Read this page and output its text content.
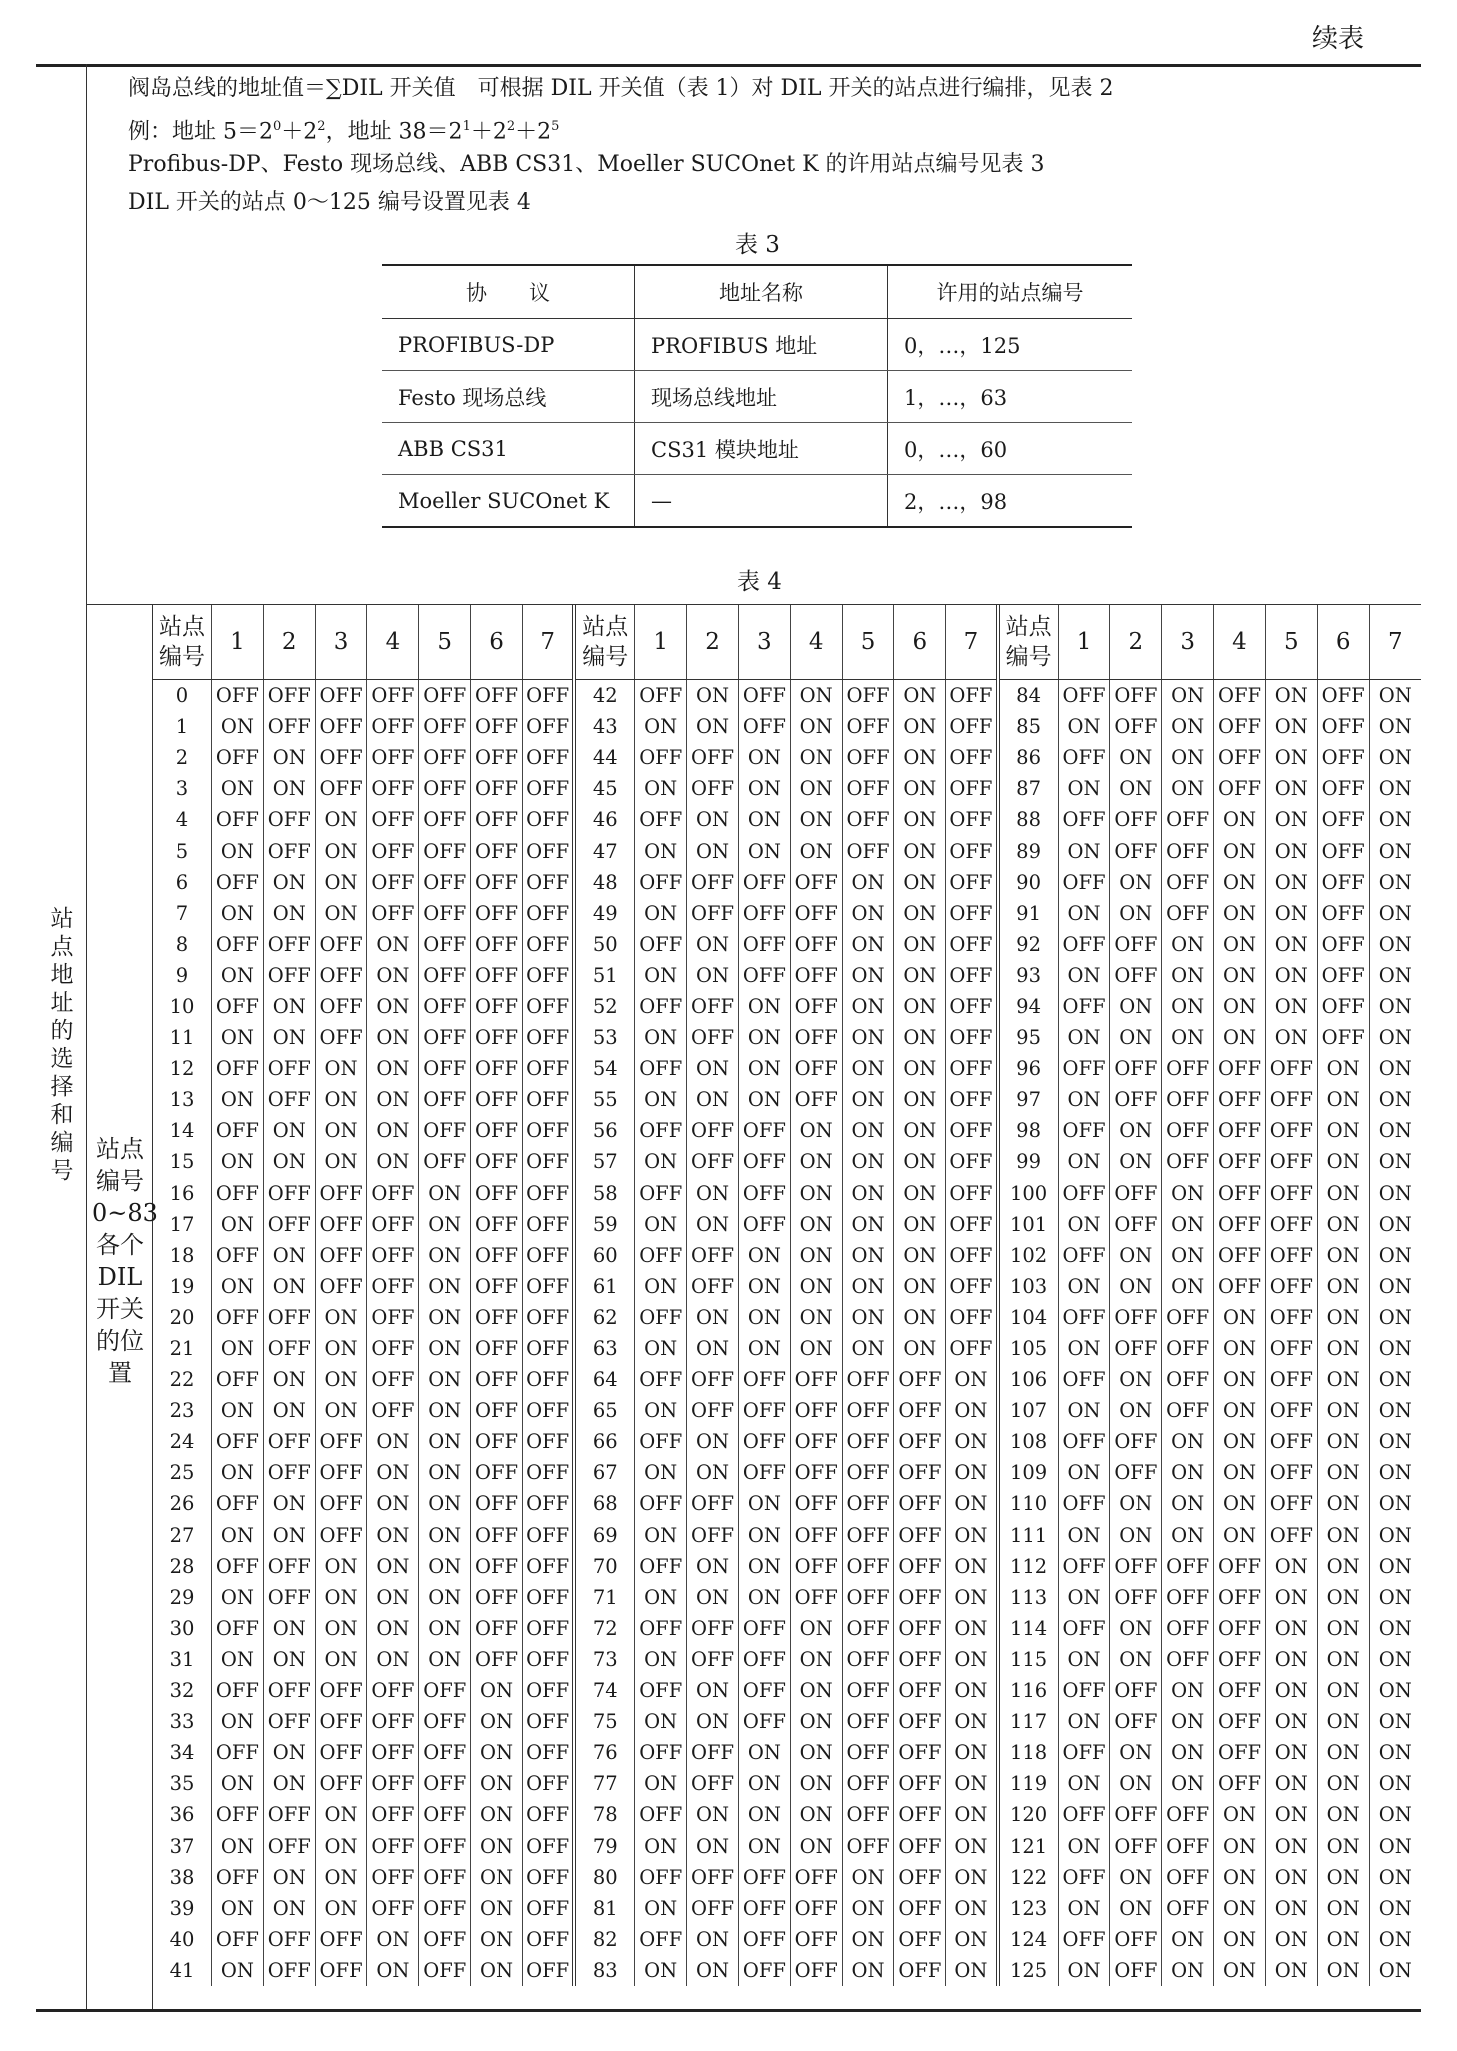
续表
站点地址的选择和编号
站点编号0~83各个DIL开关的位置

阀岛总线的地址值＝∑DIL 开关值　可根据 DIL 开关值（表 1）对 DIL 开关的站点进行编排，见表 2

例：地址 $5=2^0+2^2$，地址 $38=2^1+2^2+2^5$

Profibus-DP、Festo 现场总线、ABB CS31、Moeller SUCOnet K 的许用站点编号见表 3

DIL 开关的站点 0～125 编号设置见表 4

表 3
协　　议	地址名称	许用的站点编号
PROFIBUS-DP	PROFIBUS 地址	0，…，125
Festo 现场总线	现场总线地址	1，…，63
ABB CS31	CS31 模块地址	0，…，60
Moeller SUCOnet K	—	2，…，98
表 4
站点编号	1	2	3	4	5	6	7	站点编号	1	2	3	4	5	6	7	站点编号	1	2	3	4	5	6	7
0	OFF	OFF	OFF	OFF	OFF	OFF	OFF	42	OFF	ON	OFF	ON	OFF	ON	OFF	84	OFF	OFF	ON	OFF	ON	OFF	ON
1	ON	OFF	OFF	OFF	OFF	OFF	OFF	43	ON	ON	OFF	ON	OFF	ON	OFF	85	ON	OFF	ON	OFF	ON	OFF	ON
2	OFF	ON	OFF	OFF	OFF	OFF	OFF	44	OFF	OFF	ON	ON	OFF	ON	OFF	86	OFF	ON	ON	OFF	ON	OFF	ON
3	ON	ON	OFF	OFF	OFF	OFF	OFF	45	ON	OFF	ON	ON	OFF	ON	OFF	87	ON	ON	ON	OFF	ON	OFF	ON
4	OFF	OFF	ON	OFF	OFF	OFF	OFF	46	OFF	ON	ON	ON	OFF	ON	OFF	88	OFF	OFF	OFF	ON	ON	OFF	ON
5	ON	OFF	ON	OFF	OFF	OFF	OFF	47	ON	ON	ON	ON	OFF	ON	OFF	89	ON	OFF	OFF	ON	ON	OFF	ON
6	OFF	ON	ON	OFF	OFF	OFF	OFF	48	OFF	OFF	OFF	OFF	ON	ON	OFF	90	OFF	ON	OFF	ON	ON	OFF	ON
7	ON	ON	ON	OFF	OFF	OFF	OFF	49	ON	OFF	OFF	OFF	ON	ON	OFF	91	ON	ON	OFF	ON	ON	OFF	ON
8	OFF	OFF	OFF	ON	OFF	OFF	OFF	50	OFF	ON	OFF	OFF	ON	ON	OFF	92	OFF	OFF	ON	ON	ON	OFF	ON
9	ON	OFF	OFF	ON	OFF	OFF	OFF	51	ON	ON	OFF	OFF	ON	ON	OFF	93	ON	OFF	ON	ON	ON	OFF	ON
10	OFF	ON	OFF	ON	OFF	OFF	OFF	52	OFF	OFF	ON	OFF	ON	ON	OFF	94	OFF	ON	ON	ON	ON	OFF	ON
11	ON	ON	OFF	ON	OFF	OFF	OFF	53	ON	OFF	ON	OFF	ON	ON	OFF	95	ON	ON	ON	ON	ON	OFF	ON
12	OFF	OFF	ON	ON	OFF	OFF	OFF	54	OFF	ON	ON	OFF	ON	ON	OFF	96	OFF	OFF	OFF	OFF	OFF	ON	ON
13	ON	OFF	ON	ON	OFF	OFF	OFF	55	ON	ON	ON	OFF	ON	ON	OFF	97	ON	OFF	OFF	OFF	OFF	ON	ON
14	OFF	ON	ON	ON	OFF	OFF	OFF	56	OFF	OFF	OFF	ON	ON	ON	OFF	98	OFF	ON	OFF	OFF	OFF	ON	ON
15	ON	ON	ON	ON	OFF	OFF	OFF	57	ON	OFF	OFF	ON	ON	ON	OFF	99	ON	ON	OFF	OFF	OFF	ON	ON
16	OFF	OFF	OFF	OFF	ON	OFF	OFF	58	OFF	ON	OFF	ON	ON	ON	OFF	100	OFF	OFF	ON	OFF	OFF	ON	ON
17	ON	OFF	OFF	OFF	ON	OFF	OFF	59	ON	ON	OFF	ON	ON	ON	OFF	101	ON	OFF	ON	OFF	OFF	ON	ON
18	OFF	ON	OFF	OFF	ON	OFF	OFF	60	OFF	OFF	ON	ON	ON	ON	OFF	102	OFF	ON	ON	OFF	OFF	ON	ON
19	ON	ON	OFF	OFF	ON	OFF	OFF	61	ON	OFF	ON	ON	ON	ON	OFF	103	ON	ON	ON	OFF	OFF	ON	ON
20	OFF	OFF	ON	OFF	ON	OFF	OFF	62	OFF	ON	ON	ON	ON	ON	OFF	104	OFF	OFF	OFF	ON	OFF	ON	ON
21	ON	OFF	ON	OFF	ON	OFF	OFF	63	ON	ON	ON	ON	ON	ON	OFF	105	ON	OFF	OFF	ON	OFF	ON	ON
22	OFF	ON	ON	OFF	ON	OFF	OFF	64	OFF	OFF	OFF	OFF	OFF	OFF	ON	106	OFF	ON	OFF	ON	OFF	ON	ON
23	ON	ON	ON	OFF	ON	OFF	OFF	65	ON	OFF	OFF	OFF	OFF	OFF	ON	107	ON	ON	OFF	ON	OFF	ON	ON
24	OFF	OFF	OFF	ON	ON	OFF	OFF	66	OFF	ON	OFF	OFF	OFF	OFF	ON	108	OFF	OFF	ON	ON	OFF	ON	ON
25	ON	OFF	OFF	ON	ON	OFF	OFF	67	ON	ON	OFF	OFF	OFF	OFF	ON	109	ON	OFF	ON	ON	OFF	ON	ON
26	OFF	ON	OFF	ON	ON	OFF	OFF	68	OFF	OFF	ON	OFF	OFF	OFF	ON	110	OFF	ON	ON	ON	OFF	ON	ON
27	ON	ON	OFF	ON	ON	OFF	OFF	69	ON	OFF	ON	OFF	OFF	OFF	ON	111	ON	ON	ON	ON	OFF	ON	ON
28	OFF	OFF	ON	ON	ON	OFF	OFF	70	OFF	ON	ON	OFF	OFF	OFF	ON	112	OFF	OFF	OFF	OFF	ON	ON	ON
29	ON	OFF	ON	ON	ON	OFF	OFF	71	ON	ON	ON	OFF	OFF	OFF	ON	113	ON	OFF	OFF	OFF	ON	ON	ON
30	OFF	ON	ON	ON	ON	OFF	OFF	72	OFF	OFF	OFF	ON	OFF	OFF	ON	114	OFF	ON	OFF	OFF	ON	ON	ON
31	ON	ON	ON	ON	ON	OFF	OFF	73	ON	OFF	OFF	ON	OFF	OFF	ON	115	ON	ON	OFF	OFF	ON	ON	ON
32	OFF	OFF	OFF	OFF	OFF	ON	OFF	74	OFF	ON	OFF	ON	OFF	OFF	ON	116	OFF	OFF	ON	OFF	ON	ON	ON
33	ON	OFF	OFF	OFF	OFF	ON	OFF	75	ON	ON	OFF	ON	OFF	OFF	ON	117	ON	OFF	ON	OFF	ON	ON	ON
34	OFF	ON	OFF	OFF	OFF	ON	OFF	76	OFF	OFF	ON	ON	OFF	OFF	ON	118	OFF	ON	ON	OFF	ON	ON	ON
35	ON	ON	OFF	OFF	OFF	ON	OFF	77	ON	OFF	ON	ON	OFF	OFF	ON	119	ON	ON	ON	OFF	ON	ON	ON
36	OFF	OFF	ON	OFF	OFF	ON	OFF	78	OFF	ON	ON	ON	OFF	OFF	ON	120	OFF	OFF	OFF	ON	ON	ON	ON
37	ON	OFF	ON	OFF	OFF	ON	OFF	79	ON	ON	ON	ON	OFF	OFF	ON	121	ON	OFF	OFF	ON	ON	ON	ON
38	OFF	ON	ON	OFF	OFF	ON	OFF	80	OFF	OFF	OFF	OFF	ON	OFF	ON	122	OFF	ON	OFF	ON	ON	ON	ON
39	ON	ON	ON	OFF	OFF	ON	OFF	81	ON	OFF	OFF	OFF	ON	OFF	ON	123	ON	ON	OFF	ON	ON	ON	ON
40	OFF	OFF	OFF	ON	OFF	ON	OFF	82	OFF	ON	OFF	OFF	ON	OFF	ON	124	OFF	OFF	ON	ON	ON	ON	ON
41	ON	OFF	OFF	ON	OFF	ON	OFF	83	ON	ON	OFF	OFF	ON	OFF	ON	125	ON	OFF	ON	ON	ON	ON	ON
